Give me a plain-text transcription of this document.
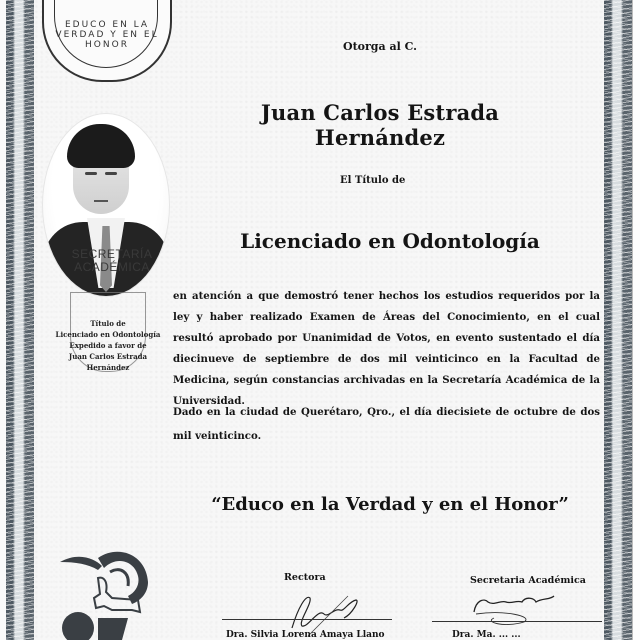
EDUCO EN LA VERDAD Y EN EL HONOR
SECRETARÍA
ACADÉMICA
Título de
Licenciado en Odontología
Expedido a favor de
Juan Carlos Estrada Hernández
Otorga al C.
Juan Carlos Estrada Hernández
El Título de
Licenciado en Odontología
en atención a que demostró tener hechos los estudios requeridos por la ley y haber realizado Examen de Áreas del Conocimiento, en el cual resultó aprobado por Unanimidad de Votos, en evento sustentado el día diecinueve de septiembre de dos mil veinticinco en la Facultad de Medicina, según constancias archivadas en la Secretaría Académica de la Universidad.
Dado en la ciudad de Querétaro, Qro., el día diecisiete de octubre de dos mil veinticinco.
“Educo en la Verdad y en el Honor”
Rectora
Dra. Silvia Lorena Amaya Llano
Secretaria Académica
Dra. Ma. ... ...
